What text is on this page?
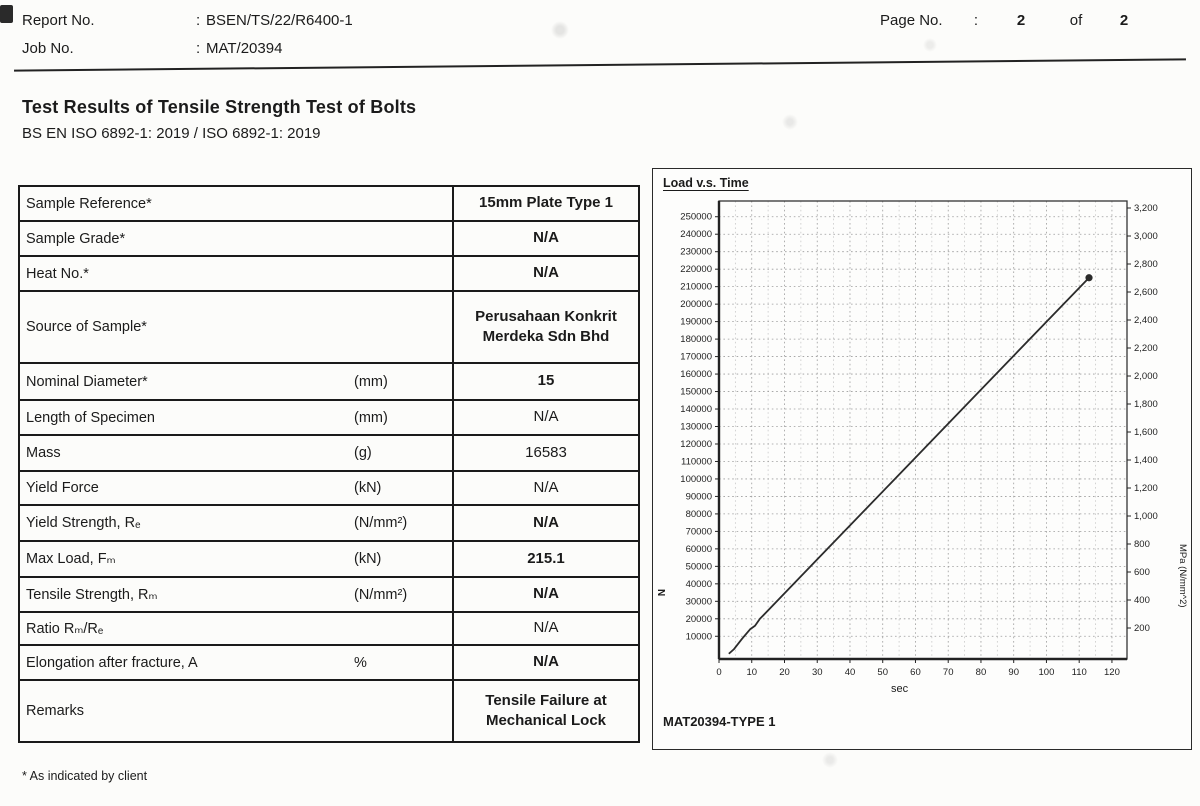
Report No.	: BSEN/TS/22/R6400-1
Job No.	: MAT/20394
Page No.	:	2	of	2
Test Results of Tensile Strength Test of Bolts
BS EN ISO 6892-1: 2019 / ISO 6892-1: 2019
Sample Reference*	15mm Plate Type 1

Sample Grade*	N/A

Heat No.*	N/A

Source of Sample*	Perusahaan Konkrit Merdeka Sdn Bhd

Nominal Diameter* (mm)	15

Length of Specimen (mm)	N/A

Mass (g)	16583

Yield Force (kN)	N/A

Yield Strength, Rₑ (N/mm²)	N/A

Max Load, Fₘ (kN)	215.1

Tensile Strength, Rₘ (N/mm²)	N/A

Ratio Rₘ/Rₑ	N/A

Elongation after fracture, A %	N/A

Remarks	Tensile Failure at Mechanical Lock
* As indicated by client
10000
20000
30000
40000
50000
60000
70000
80000
90000
100000
110000
120000
130000
140000
150000
160000
170000
180000
190000
200000
210000
220000
230000
240000
250000
200
400
600
800
1,000
1,200
1,400
1,600
1,800
2,000
2,200
2,400
2,600
2,800
3,000
3,200
0	10 20 30 40 50 60 70 80 90 100 110 120
Load v.s. Time
N	MPa (N/mm^2)
sec
MAT20394-TYPE 1
